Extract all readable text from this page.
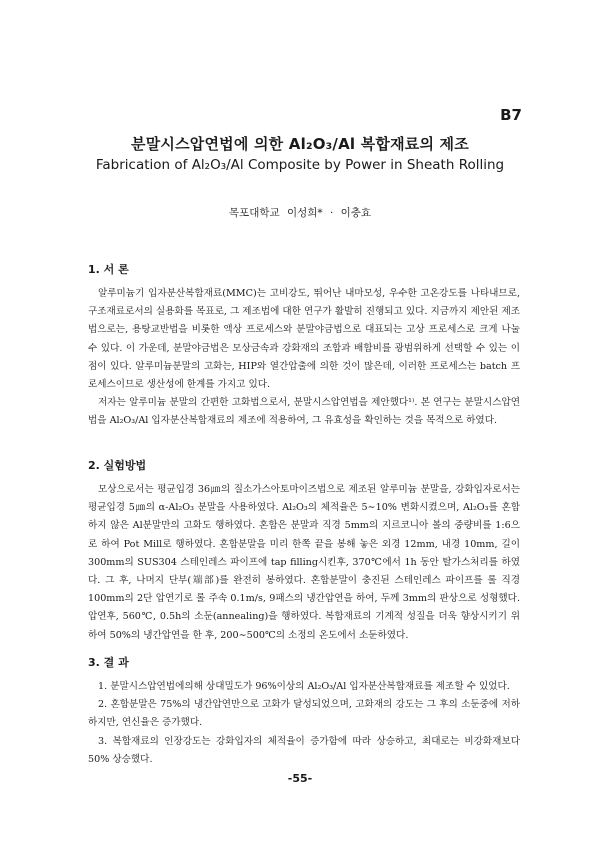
B7
분말시스압연법에 의한 Al₂O₃/Al 복합재료의 제조
Fabrication of Al₂O₃/Al Composite by Power in Sheath Rolling
목포대학교 이성희* · 이충효
1. 서 론

알루미늄기 입자분산복합재료(MMC)는 고비강도, 뛰어난 내마모성, 우수한 고온강도를 나타내므로, 구조재료로서의 실용화를 목표로, 그 제조법에 대한 연구가 활발히 진행되고 있다. 지금까지 제안된 제조법으로는, 용탕교반법을 비롯한 액상 프로세스와 분말야금법으로 대표되는 고상 프로세스로 크게 나눌 수 있다. 이 가운데, 분말야금법은 모상금속과 강화재의 조합과 배합비를 광범위하게 선택할 수 있는 이점이 있다. 알루미늄분말의 고화는, HIP와 열간압출에 의한 것이 많은데, 이러한 프로세스는 batch 프로세스이므로 생산성에 한계를 가지고 있다.

저자는 알루미늄 분말의 간편한 고화법으로서, 분말시스압연법을 제안했다¹⁾. 본 연구는 분말시스압연법을 Al₂O₃/Al 입자분산복합재료의 제조에 적용하여, 그 유효성을 확인하는 것을 목적으로 하였다.

2. 실험방법

모상으로서는 평균입경 36㎛의 질소가스아토마이즈법으로 제조된 알루미늄 분말을, 강화입자로서는 평균입경 5㎛의 α-Al₂O₃ 분말을 사용하였다. Al₂O₃의 체적율은 5∼10% 변화시켰으며, Al₂O₃를 혼합하지 않은 Al분말만의 고화도 행하였다. 혼합은 분말과 직경 5mm의 지르코니아 볼의 중량비를 1:6으로 하여 Pot Mill로 행하였다. 혼합분말을 미리 한쪽 끝을 봉해 놓은 외경 12mm, 내경 10mm, 길이 300mm의 SUS304 스테인레스 파이프에 tap filling시킨후, 370℃에서 1h 동안 탈가스처리를 하였다. 그 후, 나머지 단부(端部)를 완전히 봉하였다. 혼합분말이 충진된 스테인레스 파이프를 롤 직경 100mm의 2단 압연기로 롤 주속 0.1m/s, 9패스의 냉간압연을 하여, 두께 3mm의 판상으로 성형했다. 압연후, 560℃, 0.5h의 소둔(annealing)을 행하였다. 복합재료의 기계적 성질을 더욱 향상시키기 위하여 50%의 냉간압연을 한 후, 200∼500℃의 소정의 온도에서 소둔하였다.

3. 결 과

1. 분말시스압연법에의해 상대밀도가 96%이상의 Al₂O₃/Al 입자분산복합재료를 제조할 수 있었다.

2. 혼합분말은 75%의 냉간압연만으로 고화가 달성되었으며, 고화재의 강도는 그 후의 소둔중에 저하하지만, 연신율은 증가했다.

3. 복합재료의 인장강도는 강화입자의 체적율이 증가함에 따라 상승하고, 최대로는 비강화재보다 50% 상승했다.

-55-
